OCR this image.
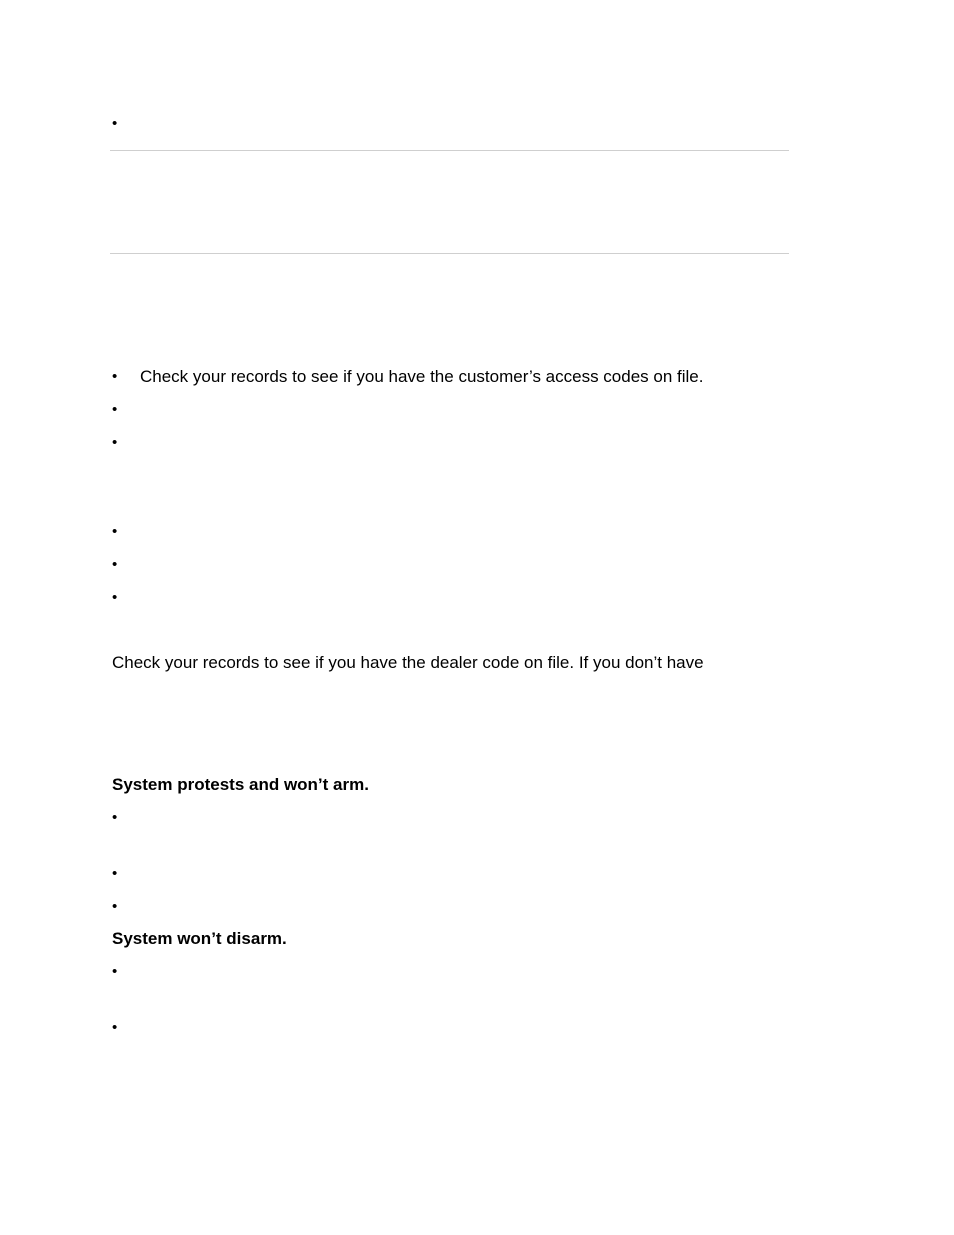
•
• Check your records to see if you have the customer’s access codes on file.
•
•
•
•
•
Check your records to see if you have the dealer code on file. If you don’t have
System protests and won’t arm.
•
•
•
System won’t disarm.
•
•
